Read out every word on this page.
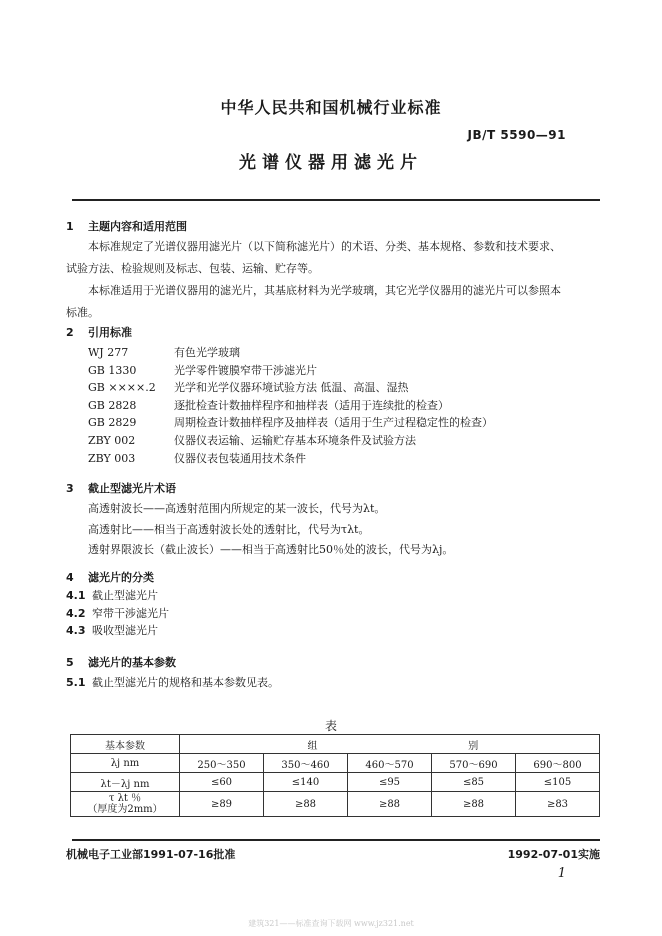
中华人民共和国机械行业标准
JB/T 5590—91
光谱仪器用滤光片
1 主题内容和适用范围
本标准规定了光谱仪器用滤光片（以下简称滤光片）的术语、分类、基本规格、参数和技术要求、
试验方法、检验规则及标志、包装、运输、贮存等。
本标准适用于光谱仪器用的滤光片，其基底材料为光学玻璃，其它光学仪器用的滤光片可以参照本
标准。
2 引用标准
WJ 277	有色光学玻璃
GB 1330	光学零件镀膜窄带干涉滤光片
GB ××××.2 光学和光学仪器环境试验方法 低温、高温、湿热
GB 2828	逐批检查计数抽样程序和抽样表（适用于连续批的检查）
GB 2829	周期检查计数抽样程序及抽样表（适用于生产过程稳定性的检查）
ZBY 002	仪器仪表运输、运输贮存基本环境条件及试验方法
ZBY 003	仪器仪表包装通用技术条件
3 截止型滤光片术语
高透射波长——高透射范围内所规定的某一波长，代号为λt。
高透射比——相当于高透射波长处的透射比，代号为τλt。
透射界限波长（截止波长）——相当于高透射比50％处的波长，代号为λj。
4 滤光片的分类
4.1 截止型滤光片
4.2 窄带干涉滤光片
4.3 吸收型滤光片
5 滤光片的基本参数
5.1 截止型滤光片的规格和基本参数见表。
表
基本参数	组		别		
λj nm	250～350	350～460	460～570	570～690	690～800
λt－λj nm	≤60	≤140	≤95	≤85	≤105

τ λt ％
（厚度为2mm）	≥89	≥88	≥88	≥88	≥83
机械电子工业部1991-07-16批准	1992-07-01实施
1
建筑321——标准查询下载网 www.jz321.net
